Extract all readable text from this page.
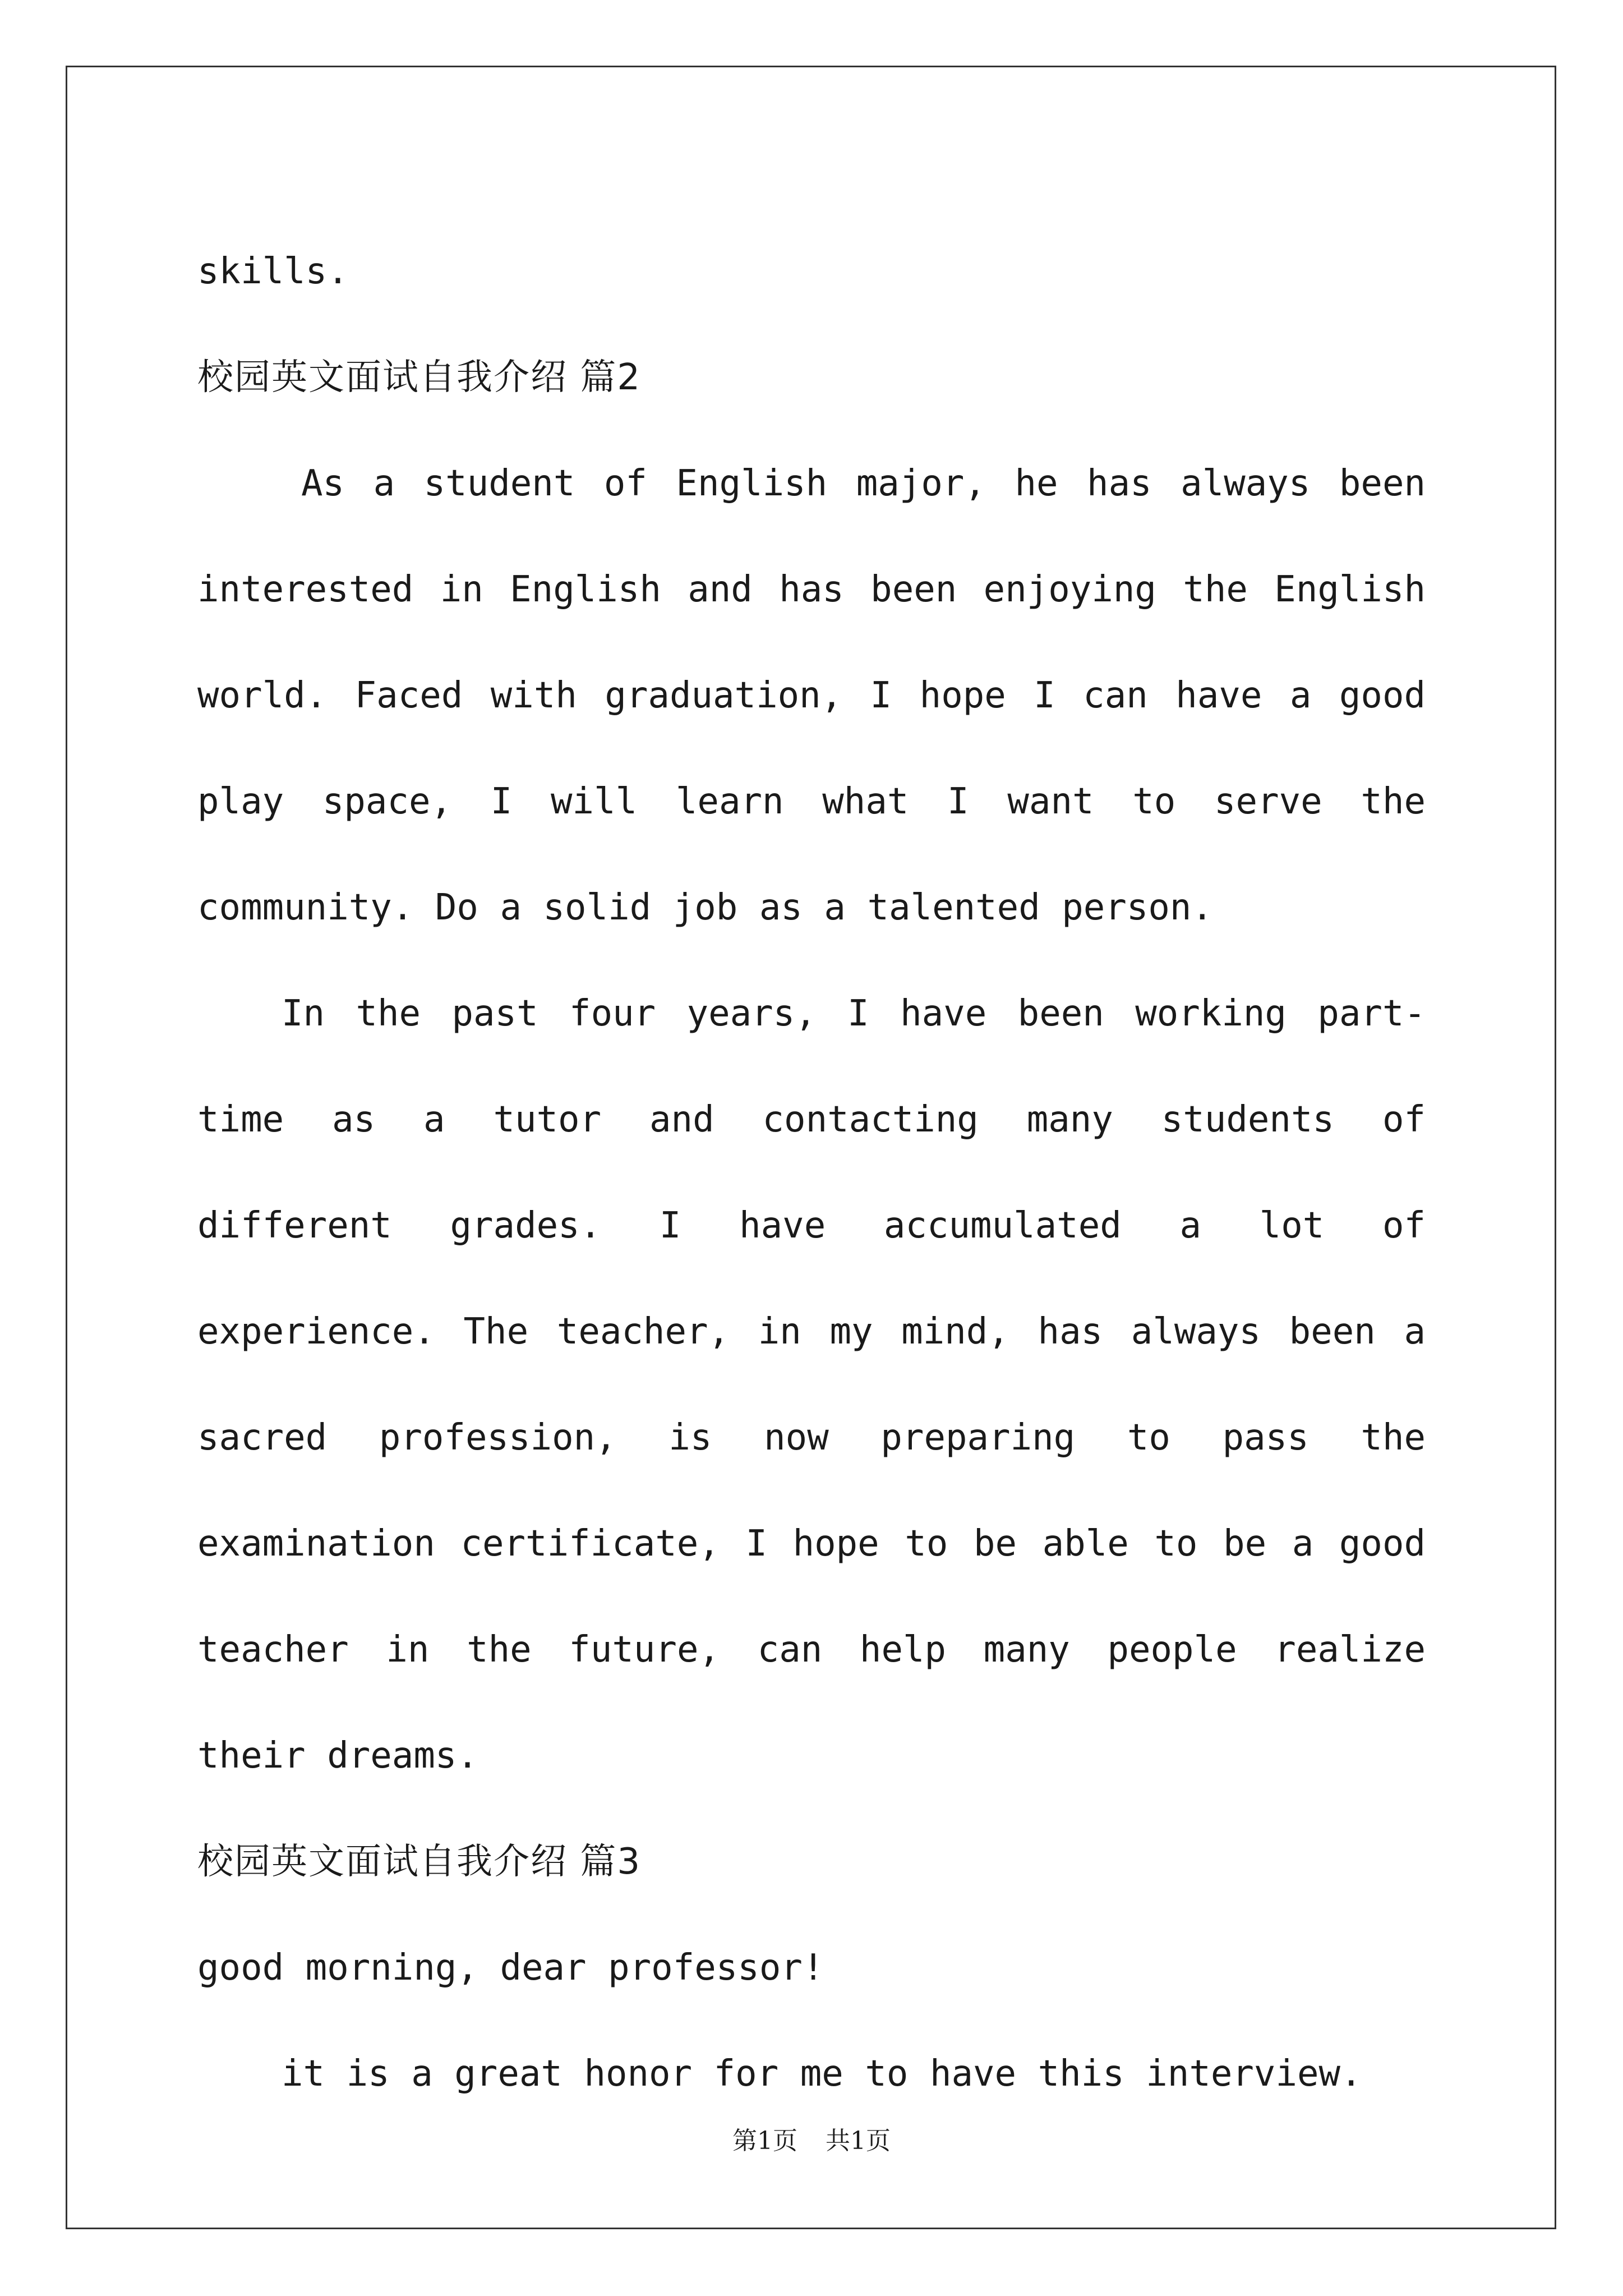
skills.

校园英文面试自我介绍 篇2

As a student of English major, he has always been interested in English and has been enjoying the English world. Faced with graduation, I hope I can have a good play space, I will learn what I want to serve the community. Do a solid job as a talented person.

In the past four years, I have been working part-time as a tutor and contacting many students of different grades. I have accumulated a lot of experience. The teacher, in my mind, has always been a sacred profession, is now preparing to pass the examination certificate, I hope to be able to be a good teacher in the future, can help many people realize their dreams.

校园英文面试自我介绍 篇3

good morning, dear professor!

it is a great honor for me to have this interview.

第1页 共1页
